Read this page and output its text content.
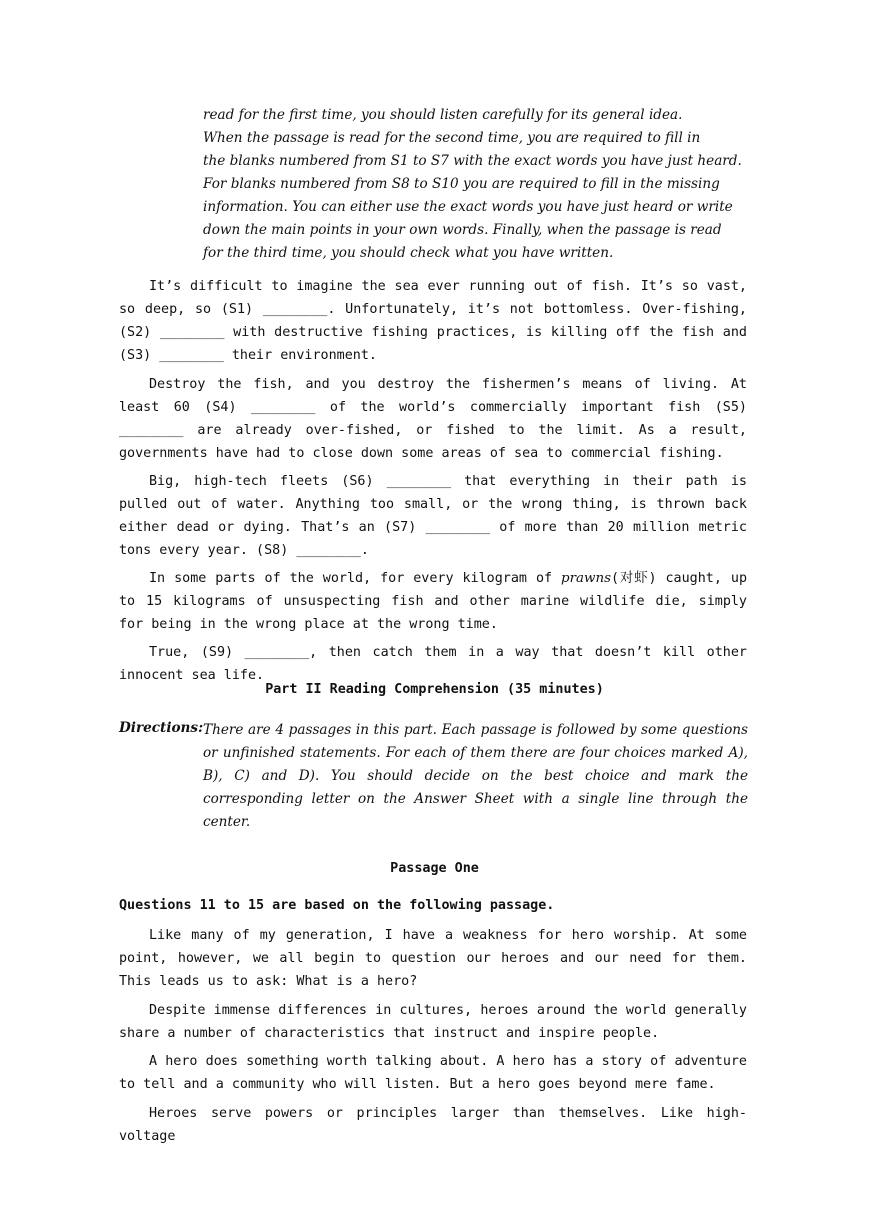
read for the first time, you should listen carefully for its general idea.
When the passage is read for the second time, you are required to fill in
the blanks numbered from S1 to S7 with the exact words you have just heard.
For blanks numbered from S8 to S10 you are required to fill in the missing
information. You can either use the exact words you have just heard or write
down the main points in your own words. Finally, when the passage is read
for the third time, you should check what you have written.

It’s difficult to imagine the sea ever running out of fish. It’s so vast, so deep, so (S1) ________. Unfortunately, it’s not bottomless. Over-fishing, (S2) ________ with destructive fishing practices, is killing off the fish and (S3) ________ their environment.

Destroy the fish, and you destroy the fishermen’s means of living. At least 60 (S4) ________ of the world’s commercially important fish (S5) ________ are already over-fished, or fished to the limit. As a result, governments have had to close down some areas of sea to commercial fishing.

Big, high-tech fleets (S6) ________ that everything in their path is pulled out of water. Anything too small, or the wrong thing, is thrown back either dead or dying. That’s an (S7) ________ of more than 20 million metric tons every year. (S8) ________.

In some parts of the world, for every kilogram of prawns(对虾) caught, up to 15 kilograms of unsuspecting fish and other marine wildlife die, simply for being in the wrong place at the wrong time.

True, (S9) ________, then catch them in a way that doesn’t kill other innocent sea life.

Part II Reading Comprehension (35 minutes)
Directions: There are 4 passages in this part. Each passage is followed by some questions or unfinished statements. For each of them there are four choices marked A), B), C) and D). You should decide on the best choice and mark the corresponding letter on the Answer Sheet with a single line through the center.
Passage One
Questions 11 to 15 are based on the following passage.

Like many of my generation, I have a weakness for hero worship. At some point, however, we all begin to question our heroes and our need for them. This leads us to ask: What is a hero?

Despite immense differences in cultures, heroes around the world generally share a number of characteristics that instruct and inspire people.

A hero does something worth talking about. A hero has a story of adventure to tell and a community who will listen. But a hero goes beyond mere fame.

Heroes serve powers or principles larger than themselves. Like high-voltage
